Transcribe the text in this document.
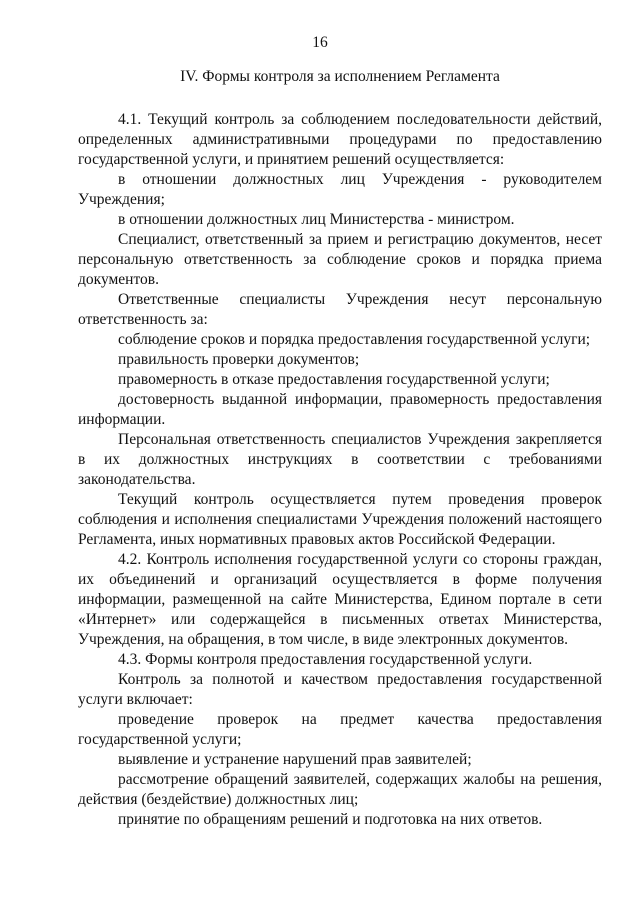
16
IV. Формы контроля за исполнением Регламента

4.1. Текущий контроль за соблюдением последовательности действий, определенных административными процедурами по предоставлению государственной услуги, и принятием решений осуществляется:

в отношении должностных лиц Учреждения - руководителем Учреждения;

в отношении должностных лиц Министерства - министром.

Специалист, ответственный за прием и регистрацию документов, несет персональную ответственность за соблюдение сроков и порядка приема документов.

Ответственные специалисты Учреждения несут персональную ответственность за:

соблюдение сроков и порядка предоставления государственной услуги;

правильность проверки документов;

правомерность в отказе предоставления государственной услуги;

достоверность выданной информации, правомерность предоставления информации.

Персональная ответственность специалистов Учреждения закрепляется в их должностных инструкциях в соответствии с требованиями законодательства.

Текущий контроль осуществляется путем проведения проверок соблюдения и исполнения специалистами Учреждения положений настоящего Регламента, иных нормативных правовых актов Российской Федерации.

4.2. Контроль исполнения государственной услуги со стороны граждан, их объединений и организаций осуществляется в форме получения информации, размещенной на сайте Министерства, Едином портале в сети «Интернет» или содержащейся в письменных ответах Министерства, Учреждения, на обращения, в том числе, в виде электронных документов.

4.3. Формы контроля предоставления государственной услуги.

Контроль за полнотой и качеством предоставления государственной услуги включает:

проведение проверок на предмет качества предоставления государственной услуги;

выявление и устранение нарушений прав заявителей;

рассмотрение обращений заявителей, содержащих жалобы на решения, действия (бездействие) должностных лиц;

принятие по обращениям решений и подготовка на них ответов.
